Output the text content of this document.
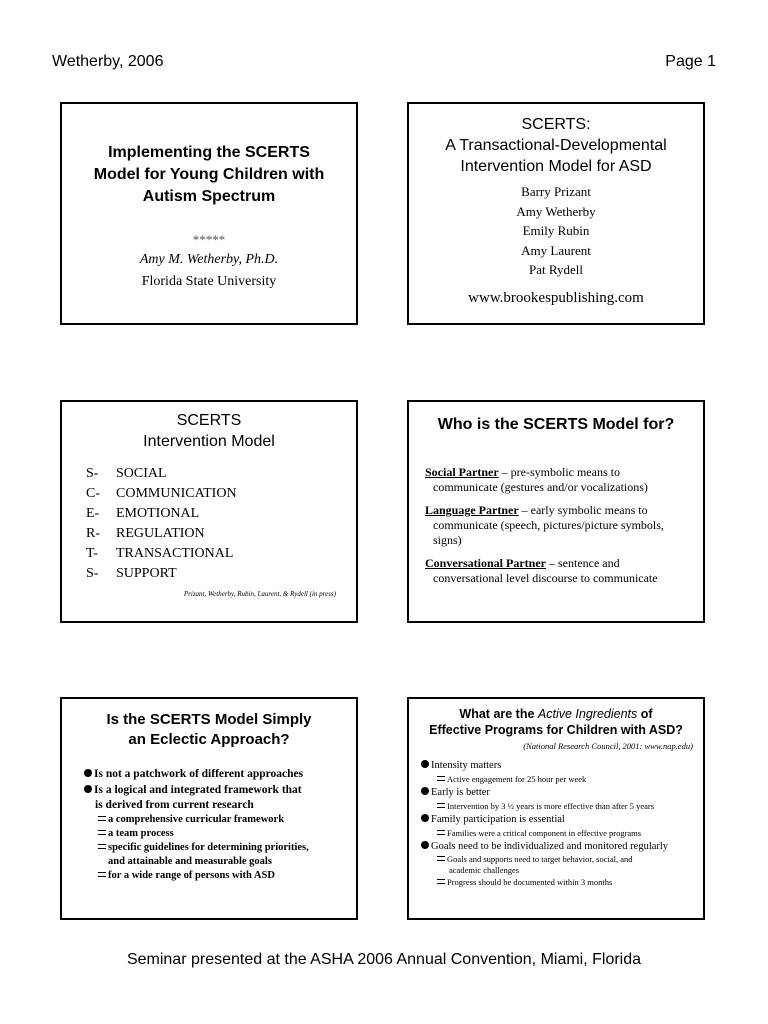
Wetherby, 2006	Page 1
Implementing the SCERTS
Model for Young Children with
Autism Spectrum
*****
Amy M. Wetherby, Ph.D.
Florida State University
SCERTS:
A Transactional-Developmental
Intervention Model for ASD
Barry Prizant
Amy Wetherby
Emily Rubin
Amy Laurent
Pat Rydell
www.brookespublishing.com
SCERTS
Intervention Model
S-	SOCIAL
C-	COMMUNICATION
E-	EMOTIONAL
R-	REGULATION
T-	TRANSACTIONAL
S-	SUPPORT
Prizant, Wetherby, Rubin, Laurent, & Rydell (in press)
Who is the SCERTS Model for?
Social Partner – pre-symbolic means to
communicate (gestures and/or vocalizations)
Language Partner – early symbolic means to
communicate (speech, pictures/picture symbols,
signs)
Conversational Partner – sentence and
conversational level discourse to communicate
Is the SCERTS Model Simply
an Eclectic Approach?
Is not a patchwork of different approaches
Is a logical and integrated framework that
is derived from current research
a comprehensive curricular framework
a team process
specific guidelines for determining priorities,
and attainable and measurable goals
for a wide range of persons with ASD
What are the Active Ingredients of
Effective Programs for Children with ASD?
(National Research Council, 2001: www.nap.edu)
Intensity matters
Active engagement for 25 hour per week
Early is better
Intervention by 3 ½ years is more effective than after 5 years
Family participation is essential
Families were a critical component in effective programs
Goals need to be individualized and monitored regularly
Goals and supports need to target behavior, social, and
academic challenges
Progress should be documented within 3 months
Seminar presented at the ASHA 2006 Annual Convention, Miami, Florida
